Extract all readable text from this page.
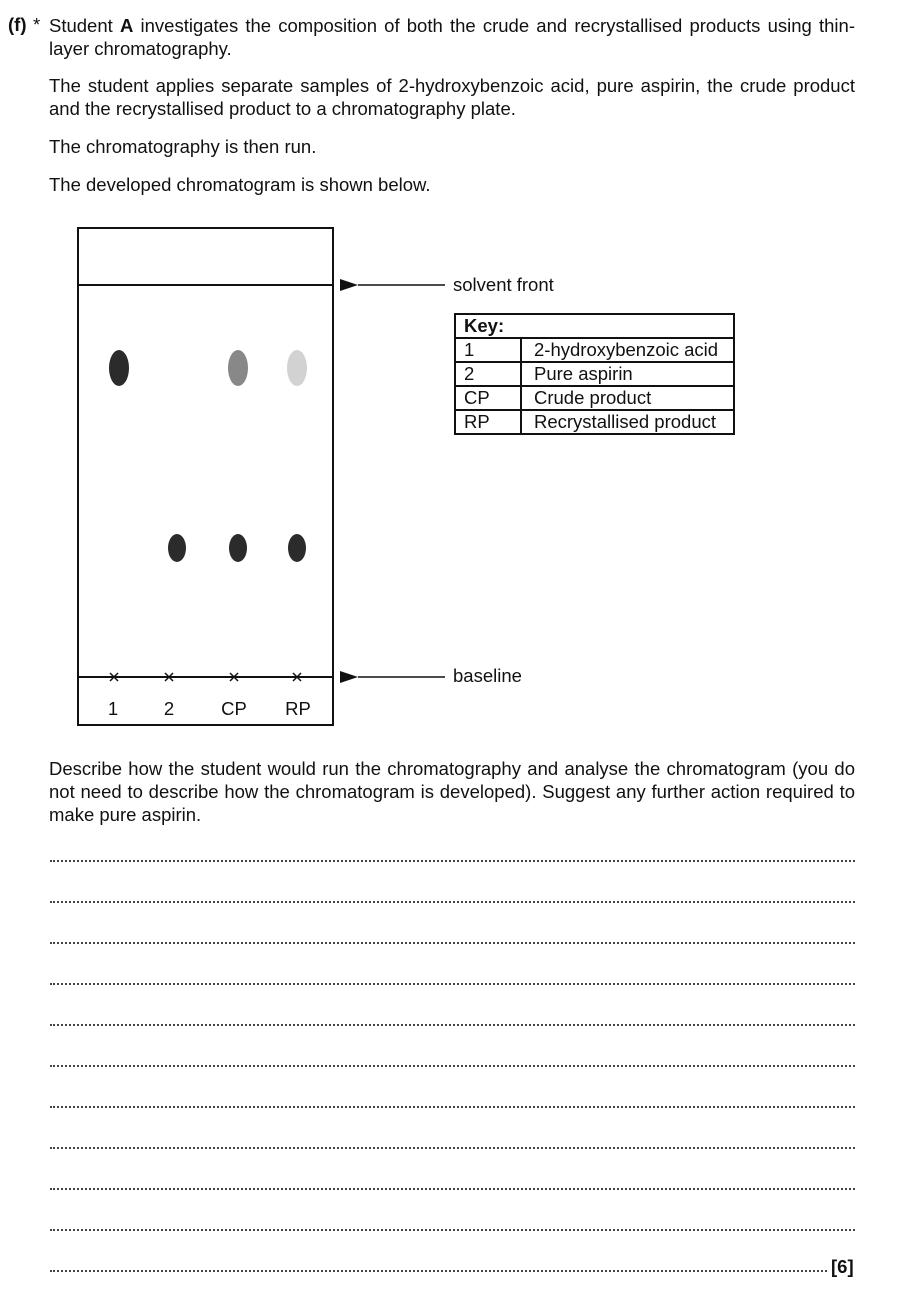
(f) * Student A investigates the composition of both the crude and recrystallised products using thin-layer chromatography.
The student applies separate samples of 2-hydroxybenzoic acid, pure aspirin, the crude product and the recrystallised product to a chromatography plate.
The chromatography is then run.
The developed chromatogram is shown below.
solvent front
baseline
1 2	CP RP
Key:	
1	2-hydroxybenzoic acid
2	Pure aspirin
CP	Crude product
RP	Recrystallised product
Describe how the student would run the chromatography and analyse the chromatogram (you do not need to describe how the chromatogram is developed). Suggest any further action required to make pure aspirin.
[6]
